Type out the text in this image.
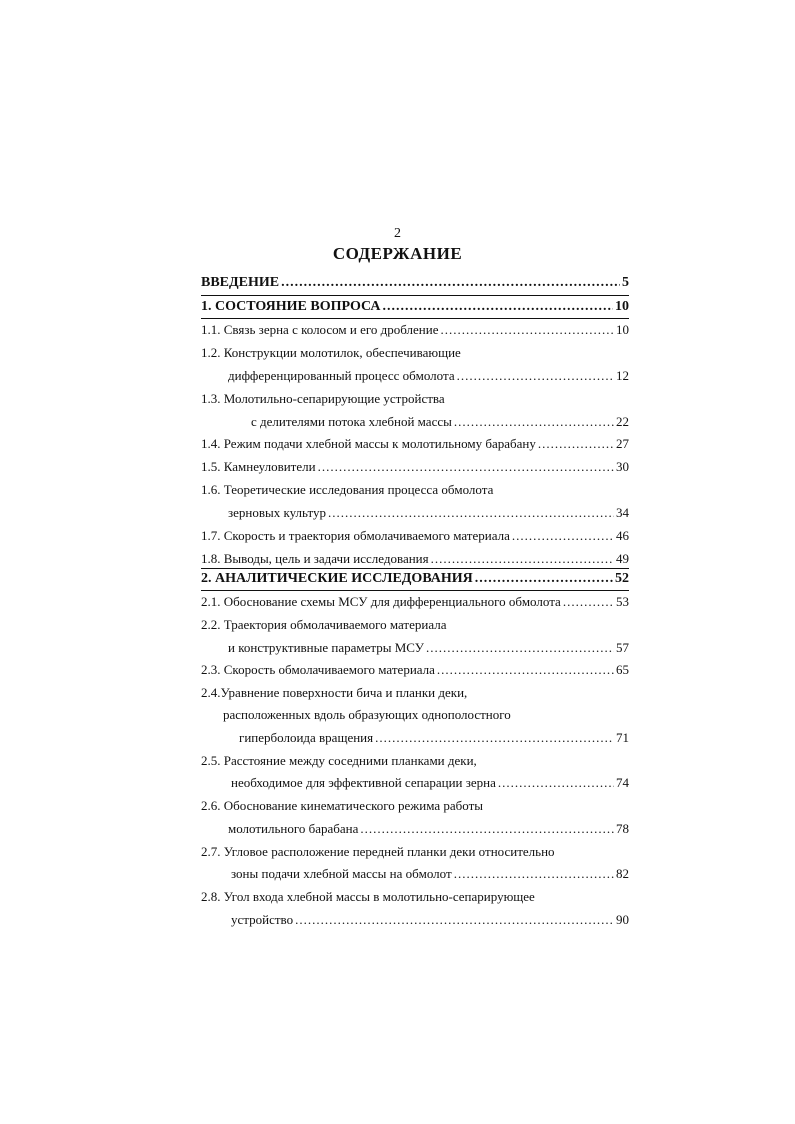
2
СОДЕРЖАНИЕ
ВВЕДЕНИЕ .....	5
1. СОСТОЯНИЕ ВОПРОСА .....	10
1.1. Связь зерна с колосом и его дробление .....	10
1.2. Конструкции молотилок, обеспечивающие
дифференцированный процесс обмолота .....	12
1.3. Молотильно-сепарирующие устройства
с делителями потока хлебной массы .....	22
1.4. Режим подачи хлебной массы к молотильному барабану .....	27
1.5. Камнеуловители .....	30
1.6. Теоретические исследования процесса обмолота
зерновых культур .....	34
1.7. Скорость и траектория обмолачиваемого материала .....	46
1.8. Выводы, цель и задачи исследования .....	49
2. АНАЛИТИЧЕСКИЕ ИССЛЕДОВАНИЯ .....	52
2.1. Обоснование схемы МСУ для дифференциального обмолота .....	53
2.2. Траектория обмолачиваемого материала
и конструктивные параметры МСУ .....	57
2.3. Скорость обмолачиваемого материала .....	65
2.4.Уравнение поверхности бича и планки деки,
расположенных вдоль образующих однополостного
гиперболоида вращения .....	71
2.5. Расстояние между соседними планками деки,
необходимое для эффективной сепарации зерна .....	74
2.6. Обоснование кинематического режима работы
молотильного барабана .....	78
2.7. Угловое расположение передней планки деки относительно
зоны подачи хлебной массы на обмолот .....	82
2.8. Угол входа хлебной массы в молотильно-сепарирующее
устройство .....	90
